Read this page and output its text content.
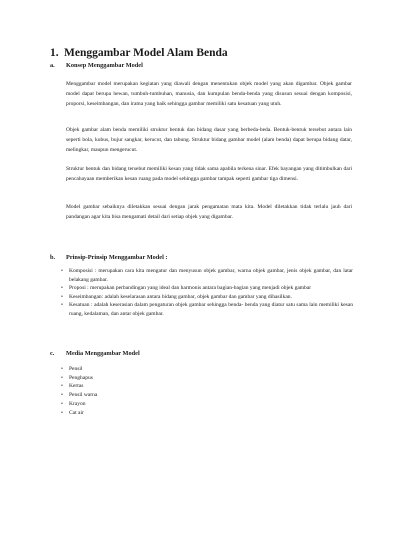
1. Menggambar Model Alam Benda
a. Konsep Menggambar Model

Menggambar model merupakan kegiatan yang diawali dengan menentukan objek model yang akan digambar. Objek gambar model dapat berupa hewan, tumbuh-tumbuhan, manusia, dan kumpulan benda-benda yang disusun sesuai dengan komposisi, proporsi, keseimbangan, dan irama yang baik sehingga gambar memiliki satu kesatuan yang utuh.

Objek gambar alam benda memiliki struktur bentuk dan bidang dasar yang berbeda-beda. Bentuk-bentuk tersebut antara lain seperti bola, kubus, bujur sangkar, kerucut, dan tabung. Struktur bidang gambar model (alam benda) dapat berupa bidang datar, melingkar, maupun mengerucut.

Struktur bentuk dan bidang tersebut memiliki kesan yang tidak sama apabila terkena sinar. Efek bayangan yang ditimbulkan dari pencahayaan memberikan kesan ruang pada model sehingga gambar tampak seperti gambar tiga dimensi.

Model gambar sebaiknya diletakkan sesuai dengan jarak pengamatan mata kita. Model diletakkan tidak terlalu jauh dari pandangan agar kita bisa mengamati detail dari setiap objek yang digambar.

b. Prinsip-Prinsip Menggambar Model :
• Komposisi : merupakan cara kita mengatur dan menyusun objek gambar, warna objek gambar, jenis objek gambar, dan latar belakang gambar.
• Proposi : merupakan perbandingan yang ideal dan harmonis antara bagian-bagian yang menjadi objek gambar
• Keseimbangan: adalah keselarasan antara bidang gambar, objek gambar dan gambar yang dihasilkan.
• Kesatuan : adalah keserasian dalam pengaturan objek gambar sehingga benda- benda yang diatur satu sama lain memiliki kesan ruang, kedalaman, dan antar objek gambar.
c. Media Menggambar Model
• Pensil
• Penghapus
• Kertas
• Pensil warna
• Krayon
• Cat air
